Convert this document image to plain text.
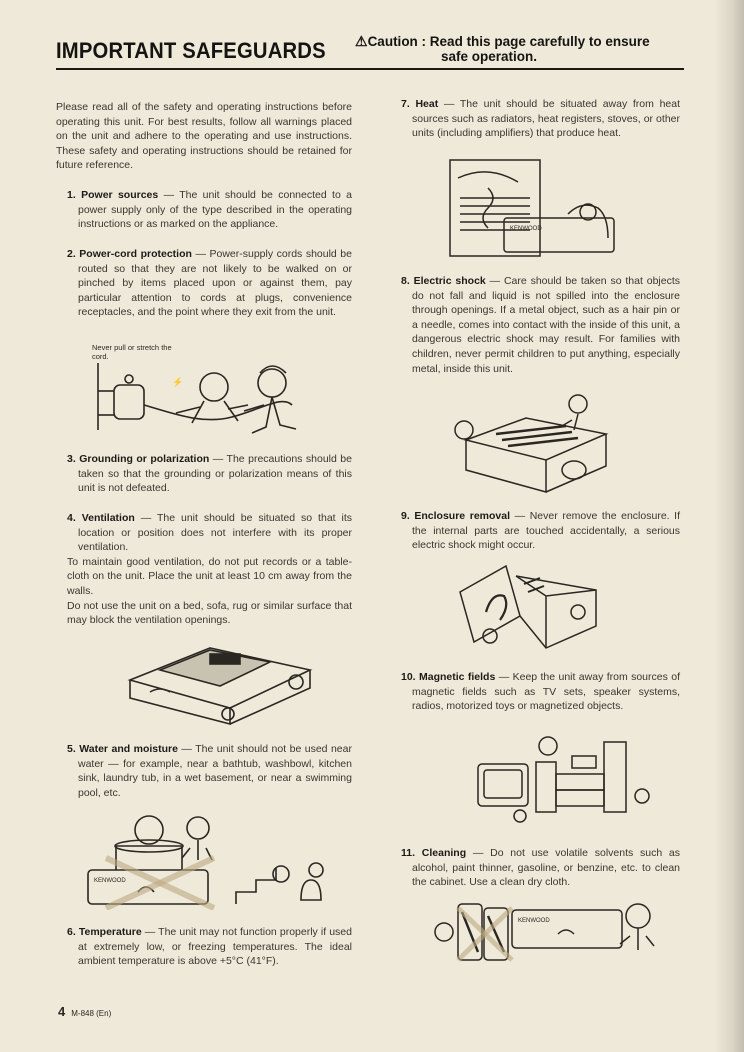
IMPORTANT SAFEGUARDS ⚠Caution : Read this page carefully to ensure
safe operation.

Please read all of the safety and operating instructions before operating this unit. For best results, follow all warnings placed on the unit and adhere to the operating and use instructions. These safety and operating instructions should be retained for future reference.

1. Power sources — The unit should be connected to a power supply only of the type described in the operating instructions or as marked on the appliance.

2. Power-cord protection — Power-supply cords should be routed so that they are not likely to be walked on or pinched by items placed upon or against them, pay particular attention to cords at plugs, convenience receptacles, and the point where they exit from the unit.

Never pull or stretch the cord.
⚡

3. Grounding or polarization — The precautions should be taken so that the grounding or polarization means of this unit is not defeated.

4. Ventilation — The unit should be situated so that its location or position does not interfere with its proper ventilation.

To maintain good ventilation, do not put records or a table-cloth on the unit. Place the unit at least 10 cm away from the walls.

Do not use the unit on a bed, sofa, rug or similar surface that may block the ventilation openings.

5. Water and moisture — The unit should not be used near water — for example, near a bathtub, washbowl, kitchen sink, laundry tub, in a wet basement, or near a swimming pool, etc.

KENWOOD

6. Temperature — The unit may not function properly if used at extremely low, or freezing temperatures. The ideal ambient temperature is above +5°C (41°F).

7. Heat — The unit should be situated away from heat sources such as radiators, heat registers, stoves, or other units (including amplifiers) that produce heat.

KENWOOD

8. Electric shock — Care should be taken so that objects do not fall and liquid is not spilled into the enclosure through openings. If a metal object, such as a hair pin or a needle, comes into contact with the inside of this unit, a dangerous electric shock may result. For families with children, never permit children to put anything, especially metal, inside this unit.

9. Enclosure removal — Never remove the enclosure. If the internal parts are touched accidentally, a serious electric shock might occur.

10. Magnetic fields — Keep the unit away from sources of magnetic fields such as TV sets, speaker systems, radios, motorized toys or magnetized objects.

11. Cleaning — Do not use volatile solvents such as alcohol, paint thinner, gasoline, or benzine, etc. to clean the cabinet. Use a clean dry cloth.

KENWOOD
4 M-848 (En)
